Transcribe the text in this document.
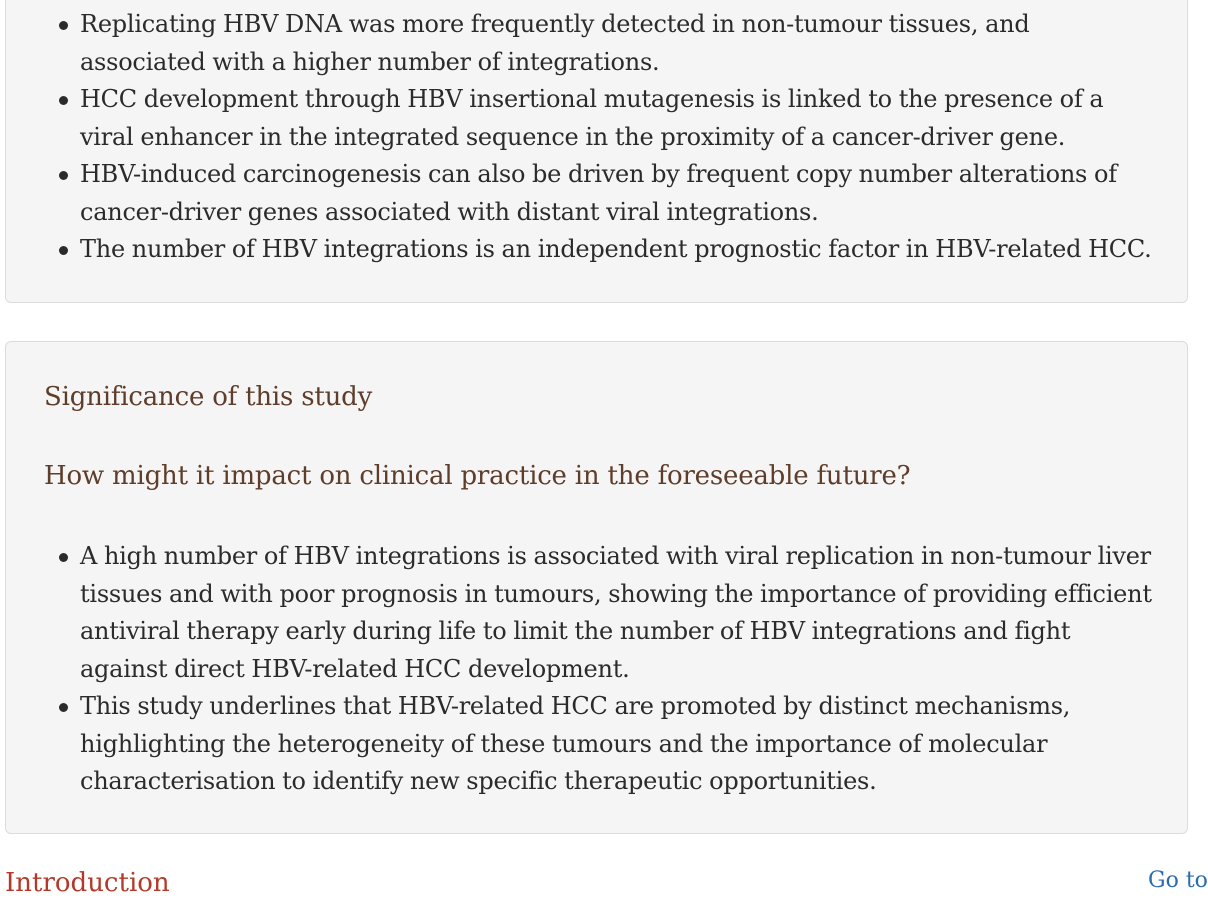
Replicating HBV DNA was more frequently detected in non-tumour tissues, and associated with a higher number of integrations.
HCC development through HBV insertional mutagenesis is linked to the presence of a viral enhancer in the integrated sequence in the proximity of a cancer-driver gene.
HBV-induced carcinogenesis can also be driven by frequent copy number alterations of cancer-driver genes associated with distant viral integrations.
The number of HBV integrations is an independent prognostic factor in HBV-related HCC.
Significance of this study
How might it impact on clinical practice in the foreseeable future?
A high number of HBV integrations is associated with viral replication in non-tumour liver tissues and with poor prognosis in tumours, showing the importance of providing efficient antiviral therapy early during life to limit the number of HBV integrations and fight against direct HBV-related HCC development.
This study underlines that HBV-related HCC are promoted by distinct mechanisms, highlighting the heterogeneity of these tumours and the importance of molecular characterisation to identify new specific therapeutic opportunities.
Introduction	Go to
